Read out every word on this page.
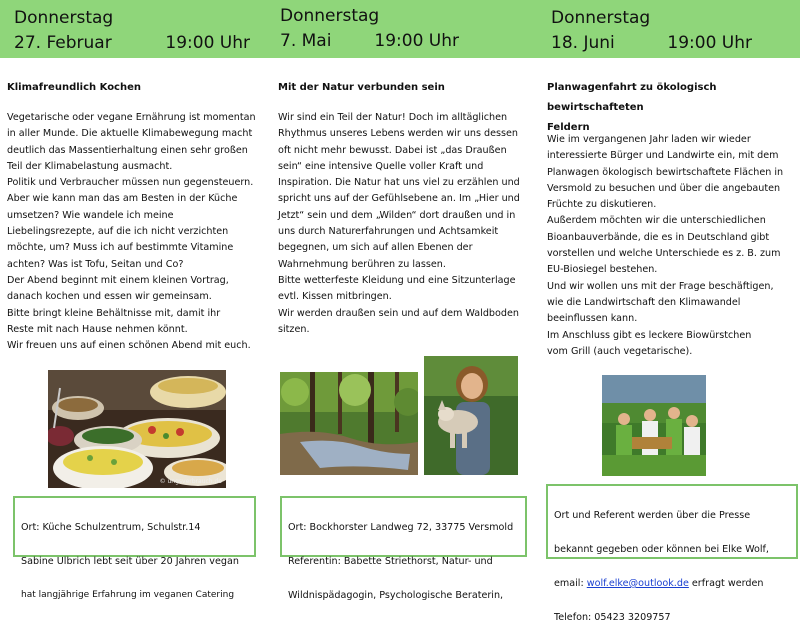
Donnerstag
27. Februar	19:00 Uhr
Klimafreundlich Kochen
Vegetarische oder vegane Ernährung ist momentan
in aller Munde. Die aktuelle Klimabewegung macht
deutlich das Massentierhaltung einen sehr großen
Teil der Klimabelastung ausmacht.
Politik und Verbraucher müssen nun gegensteuern.
Aber wie kann man das am Besten in der Küche
umsetzen? Wie wandele ich meine
Liebelingsrezepte, auf die ich nicht verzichten
möchte, um? Muss ich auf bestimmte Vitamine
achten? Was ist Tofu, Seitan und Co?
Der Abend beginnt mit einem kleinen Vortrag,
danach kochen und essen wir gemeinsam.
Bitte bringt kleine Behältnisse mit, damit ihr
Reste mit nach Hause nehmen könnt.
Wir freuen uns auf einen schönen Abend mit euch.
© ungsverbrauch.de

Ort: Küche Schulzentrum, Schulstr.14

Sabine Ulbrich lebt seit über 20 Jahren vegan

hat langjährige Erfahrung im veganen Catering

Donnerstag
7. Mai	19:00 Uhr
Mit der Natur verbunden sein
Wir sind ein Teil der Natur! Doch im alltäglichen
Rhythmus unseres Lebens werden wir uns dessen
oft nicht mehr bewusst. Dabei ist „das Draußen
sein“ eine intensive Quelle voller Kraft und
Inspiration. Die Natur hat uns viel zu erzählen und
spricht uns auf der Gefühlsebene an. Im „Hier und
Jetzt“ sein und dem „Wilden“ dort draußen und in
uns durch Naturerfahrungen und Achtsamkeit
begegnen, um sich auf allen Ebenen der
Wahrnehmung berühren zu lassen.
Bitte wetterfeste Kleidung und eine Sitzunterlage
evtl. Kissen mitbringen.
Wir werden draußen sein und auf dem Waldboden
sitzen.

Ort: Bockhorster Landweg 72, 33775 Versmold

Referentin: Babette Striethorst, Natur- und

Wildnispädagogin, Psychologische Beraterin,

Donnerstag
18. Juni	19:00 Uhr
Planwagenfahrt zu ökologisch bewirtschafteten
Feldern
Wie im vergangenen Jahr laden wir wieder
interessierte Bürger und Landwirte ein, mit dem
Planwagen ökologisch bewirtschaftete Flächen in
Versmold zu besuchen und über die angebauten
Früchte zu diskutieren.
Außerdem möchten wir die unterschiedlichen
Bioanbauverbände, die es in Deutschland gibt
vorstellen und welche Unterschiede es z. B. zum
EU-Biosiegel bestehen.
Und wir wollen uns mit der Frage beschäftigen,
wie die Landwirtschaft den Klimawandel
beeinflussen kann.
Im Anschluss gibt es leckere Biowürstchen
vom Grill (auch vegetarische).

Ort und Referent werden über die Presse

bekannt gegeben oder können bei Elke Wolf,

email: wolf.elke@outlook.de erfragt werden

Telefon: 05423 3209757
